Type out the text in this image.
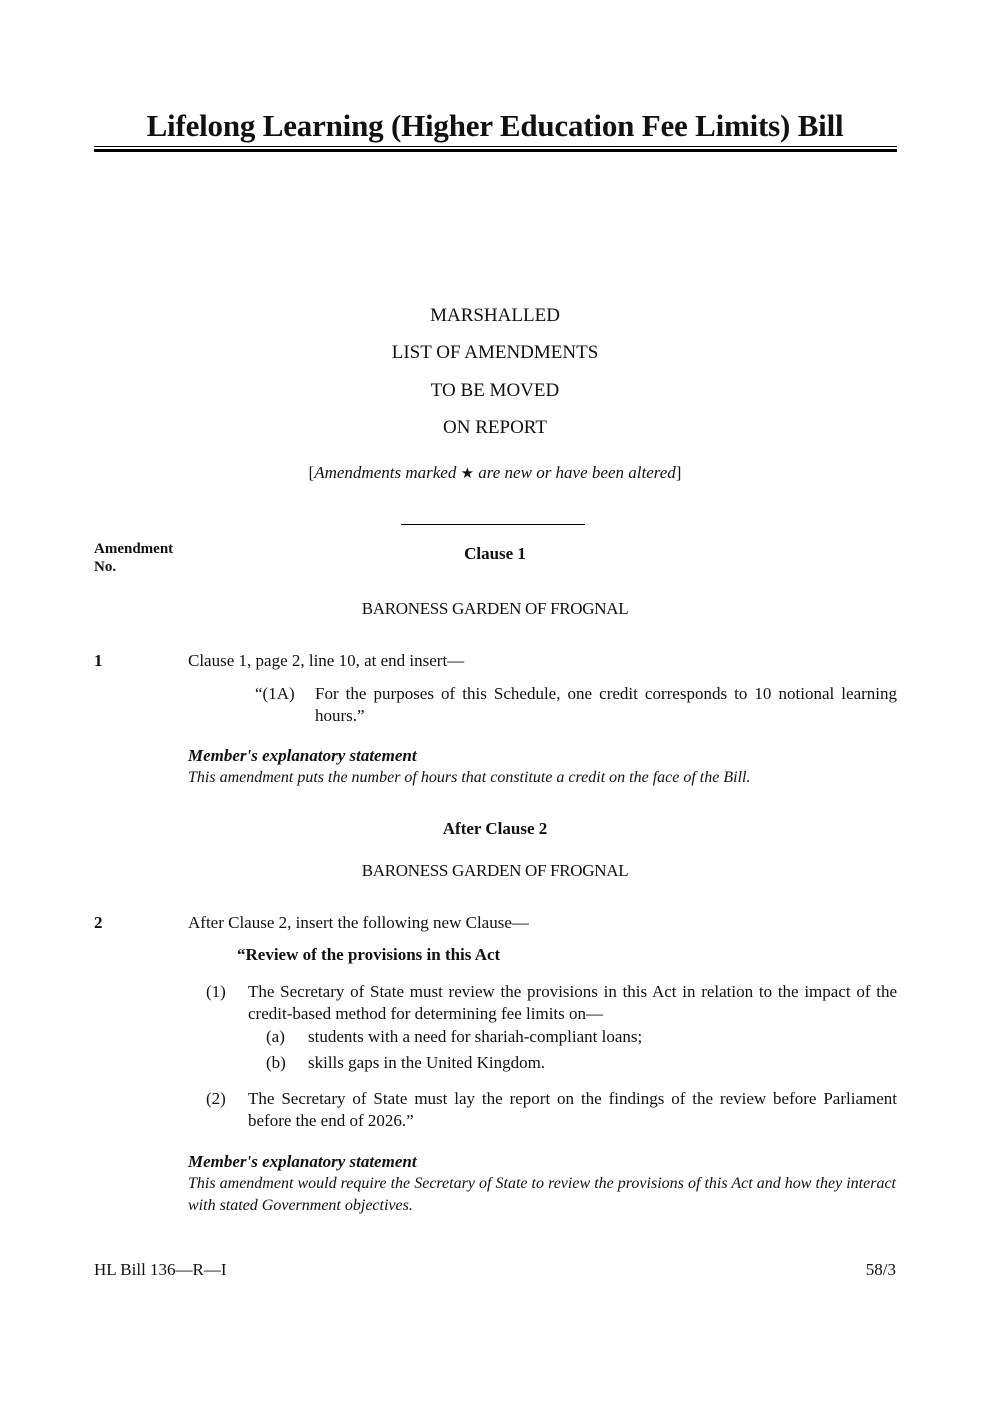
Lifelong Learning (Higher Education Fee Limits) Bill
MARSHALLED
LIST OF AMENDMENTS
TO BE MOVED
ON REPORT
[Amendments marked ★ are new or have been altered]
Amendment
No.
Clause 1
BARONESS GARDEN OF FROGNAL
1	Clause 1, page 2, line 10, at end insert—
“(1A) For the purposes of this Schedule, one credit corresponds to 10 notional learning hours.”
Member's explanatory statement
This amendment puts the number of hours that constitute a credit on the face of the Bill.
After Clause 2
BARONESS GARDEN OF FROGNAL
2	After Clause 2, insert the following new Clause—
“Review of the provisions in this Act
(1) The Secretary of State must review the provisions in this Act in relation to the impact of the credit-based method for determining fee limits on—
(a) students with a need for shariah-compliant loans;
(b) skills gaps in the United Kingdom.
(2) The Secretary of State must lay the report on the findings of the review before Parliament before the end of 2026.”
Member's explanatory statement
This amendment would require the Secretary of State to review the provisions of this Act and how they interact with stated Government objectives.
HL Bill 136—R—I	58/3
